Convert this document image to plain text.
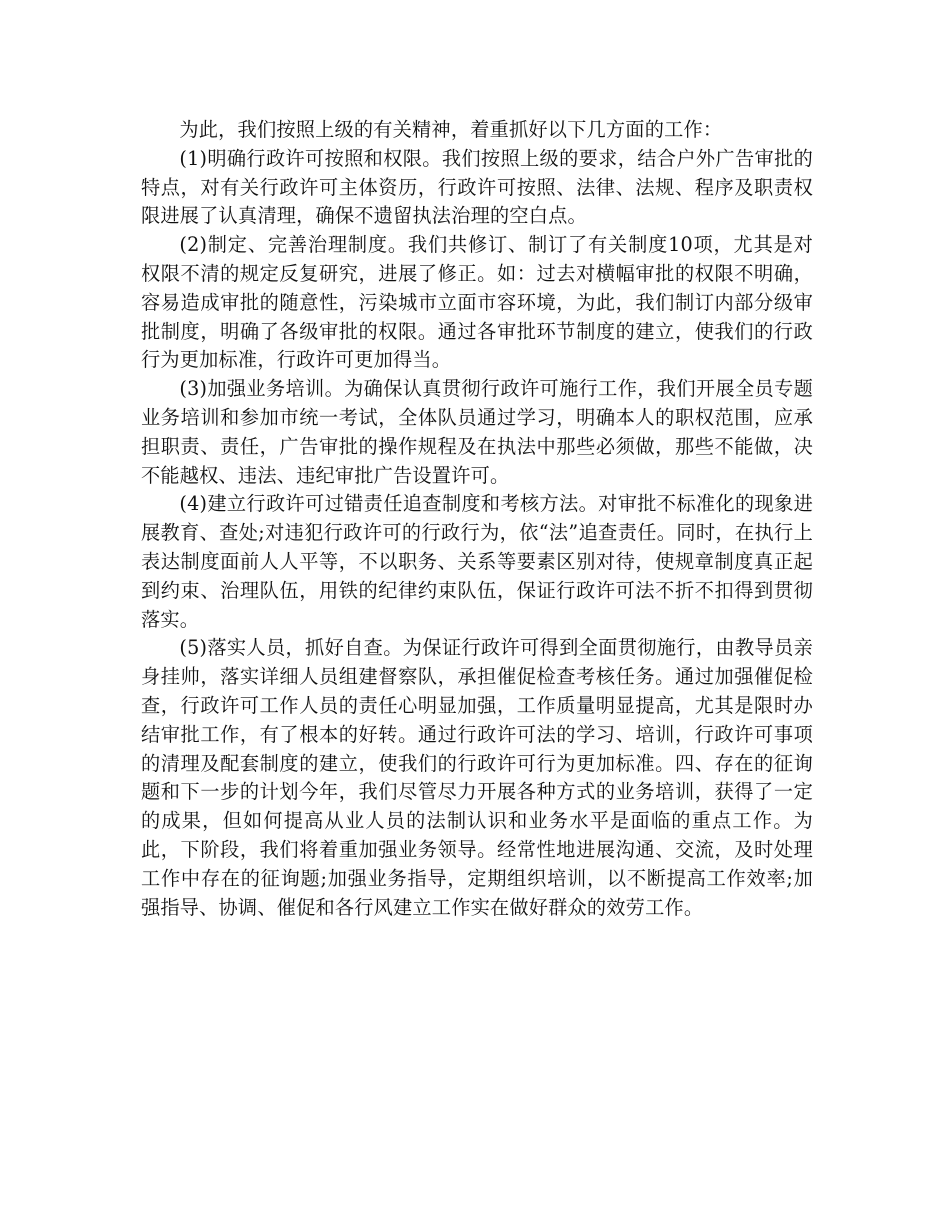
为此，我们按照上级的有关精神，着重抓好以下几方面的工作：

(1)明确行政许可按照和权限。我们按照上级的要求，结合户外广告审批的特点，对有关行政许可主体资历，行政许可按照、法律、法规、程序及职责权限进展了认真清理，确保不遗留执法治理的空白点。

(2)制定、完善治理制度。我们共修订、制订了有关制度10项，尤其是对权限不清的规定反复研究，进展了修正。如：过去对横幅审批的权限不明确，容易造成审批的随意性，污染城市立面市容环境，为此，我们制订内部分级审批制度，明确了各级审批的权限。通过各审批环节制度的建立，使我们的行政行为更加标准，行政许可更加得当。

(3)加强业务培训。为确保认真贯彻行政许可施行工作，我们开展全员专题业务培训和参加市统一考试，全体队员通过学习，明确本人的职权范围，应承担职责、责任，广告审批的操作规程及在执法中那些必须做，那些不能做，决不能越权、违法、违纪审批广告设置许可。

(4)建立行政许可过错责任追查制度和考核方法。对审批不标准化的现象进展教育、查处;对违犯行政许可的行政行为，依“法”追查责任。同时，在执行上表达制度面前人人平等，不以职务、关系等要素区别对待，使规章制度真正起到约束、治理队伍，用铁的纪律约束队伍，保证行政许可法不折不扣得到贯彻落实。

(5)落实人员，抓好自查。为保证行政许可得到全面贯彻施行，由教导员亲身挂帅，落实详细人员组建督察队，承担催促检查考核任务。通过加强催促检查，行政许可工作人员的责任心明显加强，工作质量明显提高，尤其是限时办结审批工作，有了根本的好转。通过行政许可法的学习、培训，行政许可事项的清理及配套制度的建立，使我们的行政许可行为更加标准。四、存在的征询题和下一步的计划今年，我们尽管尽力开展各种方式的业务培训，获得了一定的成果，但如何提高从业人员的法制认识和业务水平是面临的重点工作。为此，下阶段，我们将着重加强业务领导。经常性地进展沟通、交流，及时处理工作中存在的征询题;加强业务指导，定期组织培训，以不断提高工作效率;加强指导、协调、催促和各行风建立工作实在做好群众的效劳工作。
